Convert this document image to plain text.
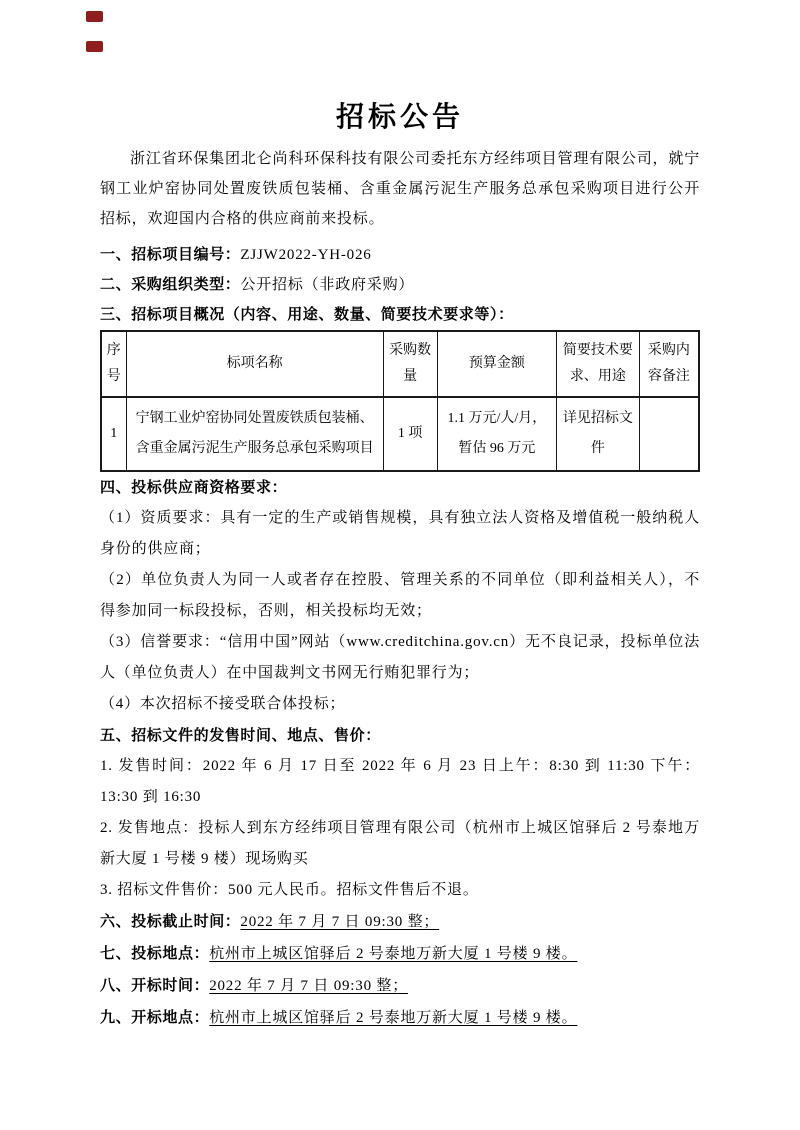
招标公告

浙江省环保集团北仑尚科环保科技有限公司委托东方经纬项目管理有限公司，就宁钢工业炉窑协同处置废铁质包装桶、含重金属污泥生产服务总承包采购项目进行公开招标，欢迎国内合格的供应商前来投标。

一、招标项目编号：ZJJW2022-YH-026

二、采购组织类型：公开招标（非政府采购）

三、招标项目概况（内容、用途、数量、简要技术要求等）：

序号	标项名称	采购数量	预算金额	简要技术要求、用途	采购内容备注
1	宁钢工业炉窑协同处置废铁质包装桶、含重金属污泥生产服务总承包采购项目	1 项	1.1 万元/人/月，暂估 96 万元	详见招标文件	

四、投标供应商资格要求：

（1）资质要求：具有一定的生产或销售规模，具有独立法人资格及增值税一般纳税人身份的供应商；

（2）单位负责人为同一人或者存在控股、管理关系的不同单位（即利益相关人），不得参加同一标段投标，否则，相关投标均无效；

（3）信誉要求：“信用中国”网站（www.creditchina.gov.cn）无不良记录，投标单位法人（单位负责人）在中国裁判文书网无行贿犯罪行为；

（4）本次招标不接受联合体投标；

五、招标文件的发售时间、地点、售价：

1. 发售时间：2022 年 6 月 17 日至 2022 年 6 月 23 日上午：8:30 到 11:30 下午：13:30 到 16:30

2. 发售地点：投标人到东方经纬项目管理有限公司（杭州市上城区馆驿后 2 号泰地万新大厦 1 号楼 9 楼）现场购买

3. 招标文件售价：500 元人民币。招标文件售后不退。

六、投标截止时间：2022 年 7 月 7 日 09:30 整；

七、投标地点：杭州市上城区馆驿后 2 号泰地万新大厦 1 号楼 9 楼。

八、开标时间：2022 年 7 月 7 日 09:30 整；

九、开标地点：杭州市上城区馆驿后 2 号泰地万新大厦 1 号楼 9 楼。
